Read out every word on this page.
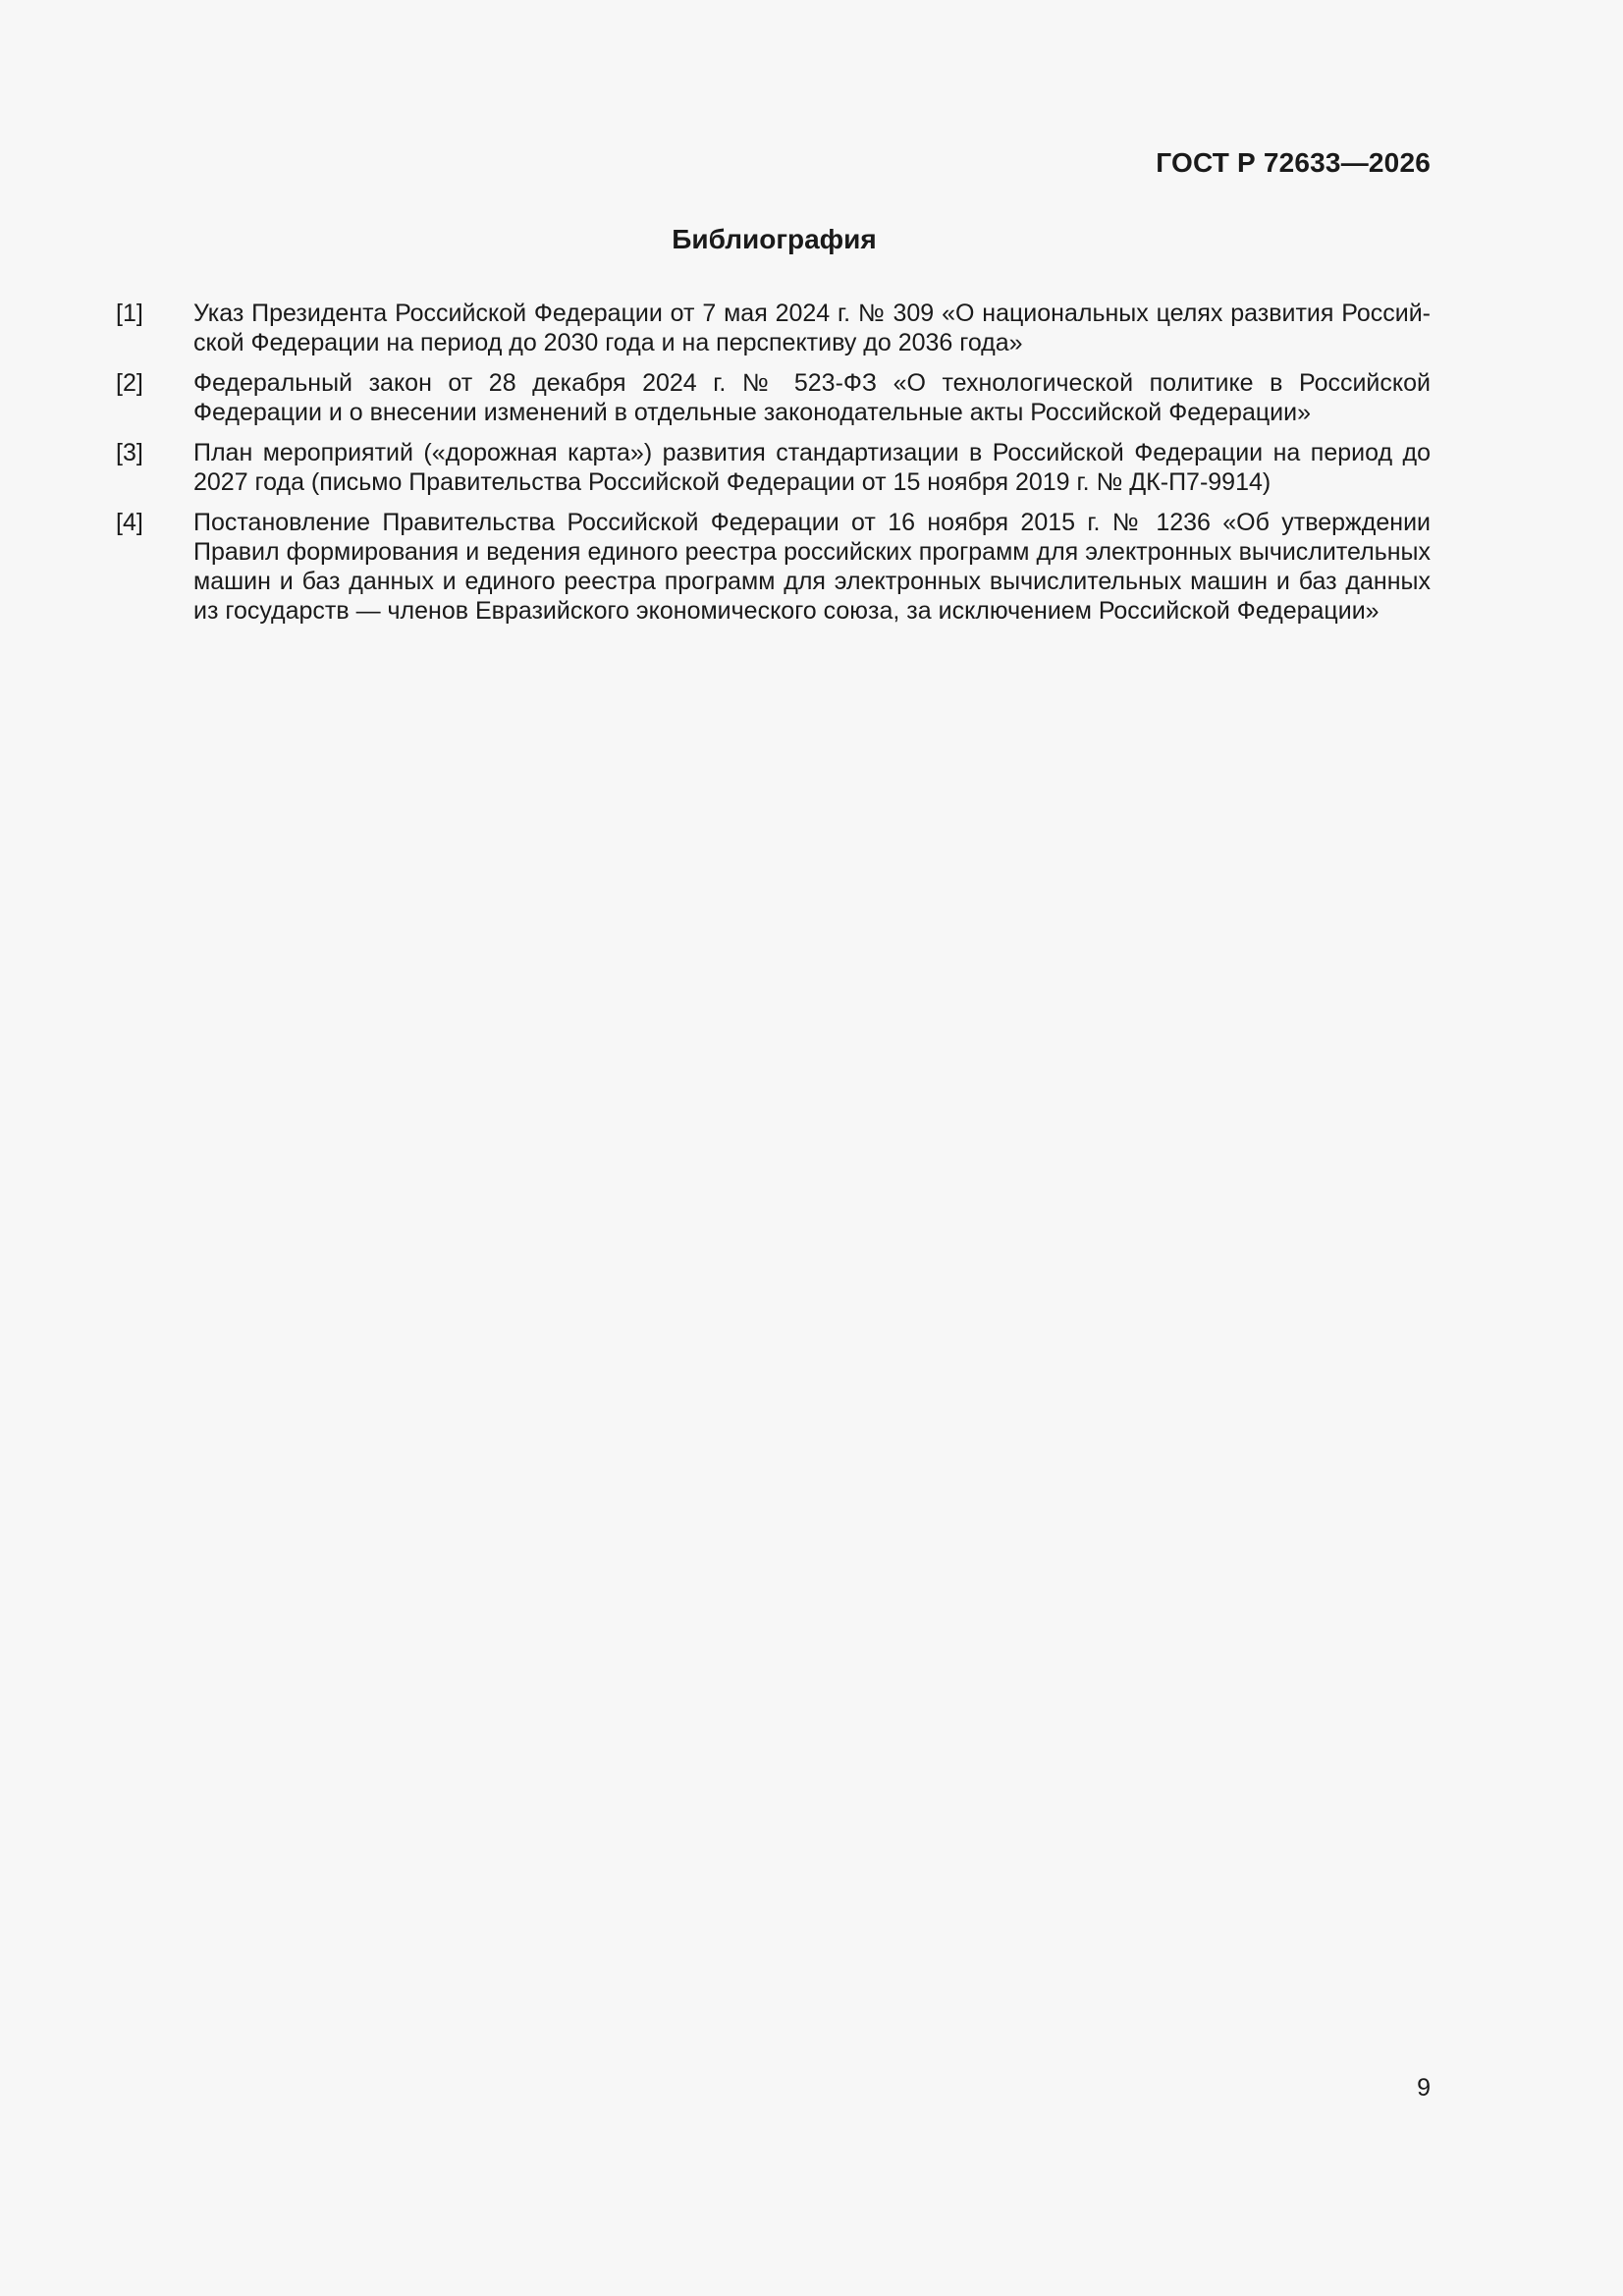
ГОСТ Р 72633—2026
Библиография
[1]	Указ Президента Российской Федерации от 7 мая 2024 г. № 309 «О национальных целях развития Российской Федерации на период до 2030 года и на перспективу до 2036 года»
[2]	Федеральный закон от 28 декабря 2024 г. № 523-ФЗ «О технологической политике в Российской Федерации и о внесении изменений в отдельные законодательные акты Российской Федерации»
[3]	План мероприятий («дорожная карта») развития стандартизации в Российской Федерации на период до 2027 года (письмо Правительства Российской Федерации от 15 ноября 2019 г. № ДК-П7-9914)
[4]	Постановление Правительства Российской Федерации от 16 ноября 2015 г. № 1236 «Об утверждении Правил формирования и ведения единого реестра российских программ для электронных вычислительных машин и баз данных и единого реестра программ для электронных вычислительных машин и баз данных из государств — членов Евразийского экономического союза, за исключением Российской Федерации»
9
